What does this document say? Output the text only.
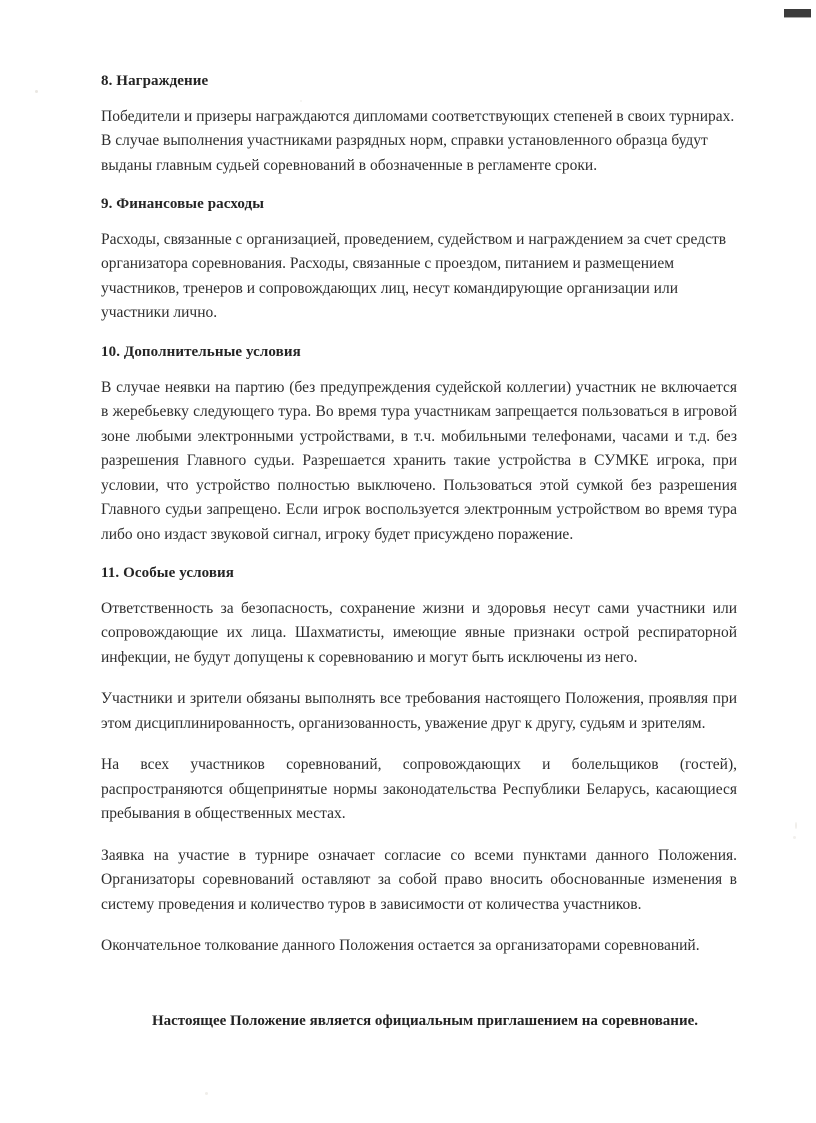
8. Награждение

Победители и призеры награждаются дипломами соответствующих степеней в своих турнирах. В случае выполнения участниками разрядных норм, справки установленного образца будут выданы главным судьей соревнований в обозначенные в регламенте сроки.

9. Финансовые расходы

Расходы, связанные с организацией, проведением, судейством и награждением за счет средств организатора соревнования. Расходы, связанные с проездом, питанием и размещением участников, тренеров и сопровождающих лиц, несут командирующие организации или участники лично.

10. Дополнительные условия

В случае неявки на партию (без предупреждения судейской коллегии) участник не включается в жеребьевку следующего тура. Во время тура участникам запрещается пользоваться в игровой зоне любыми электронными устройствами, в т.ч. мобильными телефонами, часами и т.д. без разрешения Главного судьи. Разрешается хранить такие устройства в СУМКЕ игрока, при условии, что устройство полностью выключено. Пользоваться этой сумкой без разрешения Главного судьи запрещено. Если игрок воспользуется электронным устройством во время тура либо оно издаст звуковой сигнал, игроку будет присуждено поражение.

11. Особые условия

Ответственность за безопасность, сохранение жизни и здоровья несут сами участники или сопровождающие их лица. Шахматисты, имеющие явные признаки острой респираторной инфекции, не будут допущены к соревнованию и могут быть исключены из него.

Участники и зрители обязаны выполнять все требования настоящего Положения, проявляя при этом дисциплинированность, организованность, уважение друг к другу, судьям и зрителям.

На всех участников соревнований, сопровождающих и болельщиков (гостей), распространяются общепринятые нормы законодательства Республики Беларусь, касающиеся пребывания в общественных местах.

Заявка на участие в турнире означает согласие со всеми пунктами данного Положения. Организаторы соревнований оставляют за собой право вносить обоснованные изменения в систему проведения и количество туров в зависимости от количества участников.

Окончательное толкование данного Положения остается за организаторами соревнований.

Настоящее Положение является официальным приглашением на соревнование.
